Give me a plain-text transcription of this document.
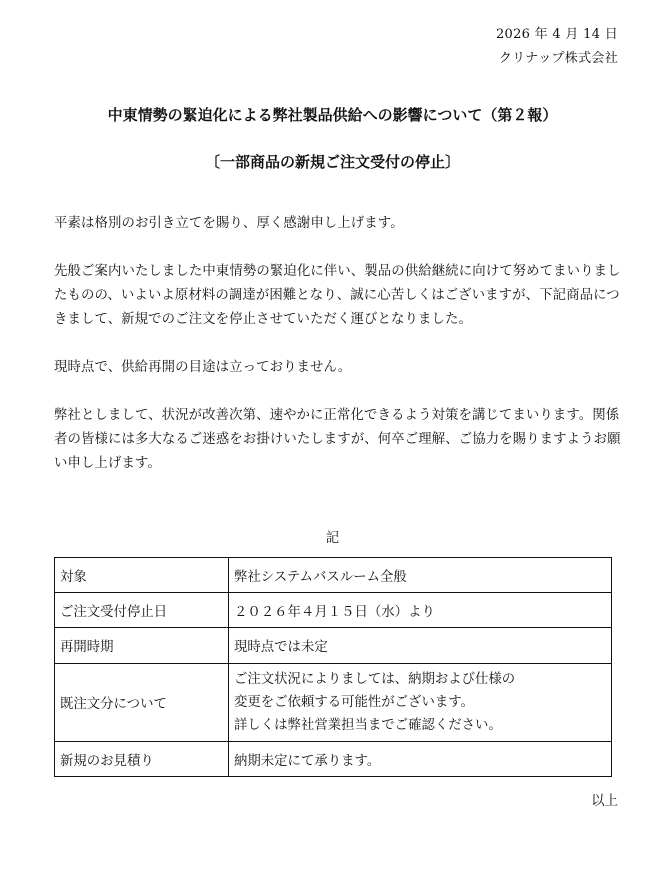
2026 年 4 月 14 日
クリナップ株式会社
中東情勢の緊迫化による弊社製品供給への影響について（第２報）
〔一部商品の新規ご注文受付の停止〕
平素は格別のお引き立てを賜り、厚く感謝申し上げます。
先般ご案内いたしました中東情勢の緊迫化に伴い、製品の供給継続に向けて努めてまいりましたものの、いよいよ原材料の調達が困難となり、誠に心苦しくはございますが、下記商品につきまして、新規でのご注文を停止させていただく運びとなりました。
現時点で、供給再開の目途は立っておりません。
弊社としまして、状況が改善次第、速やかに正常化できるよう対策を講じてまいります。関係者の皆様には多大なるご迷惑をお掛けいたしますが、何卒ご理解、ご協力を賜りますようお願い申し上げます。
記
対象	弊社システムバスルーム全般
ご注文受付停止日	２０２６年４月１５日（水）より
再開時期	現時点では未定
既注文分について	ご注文状況によりましては、納期および仕様の
変更をご依頼する可能性がございます。
詳しくは弊社営業担当までご確認ください。

新規のお見積り	納期未定にて承ります。
以上
